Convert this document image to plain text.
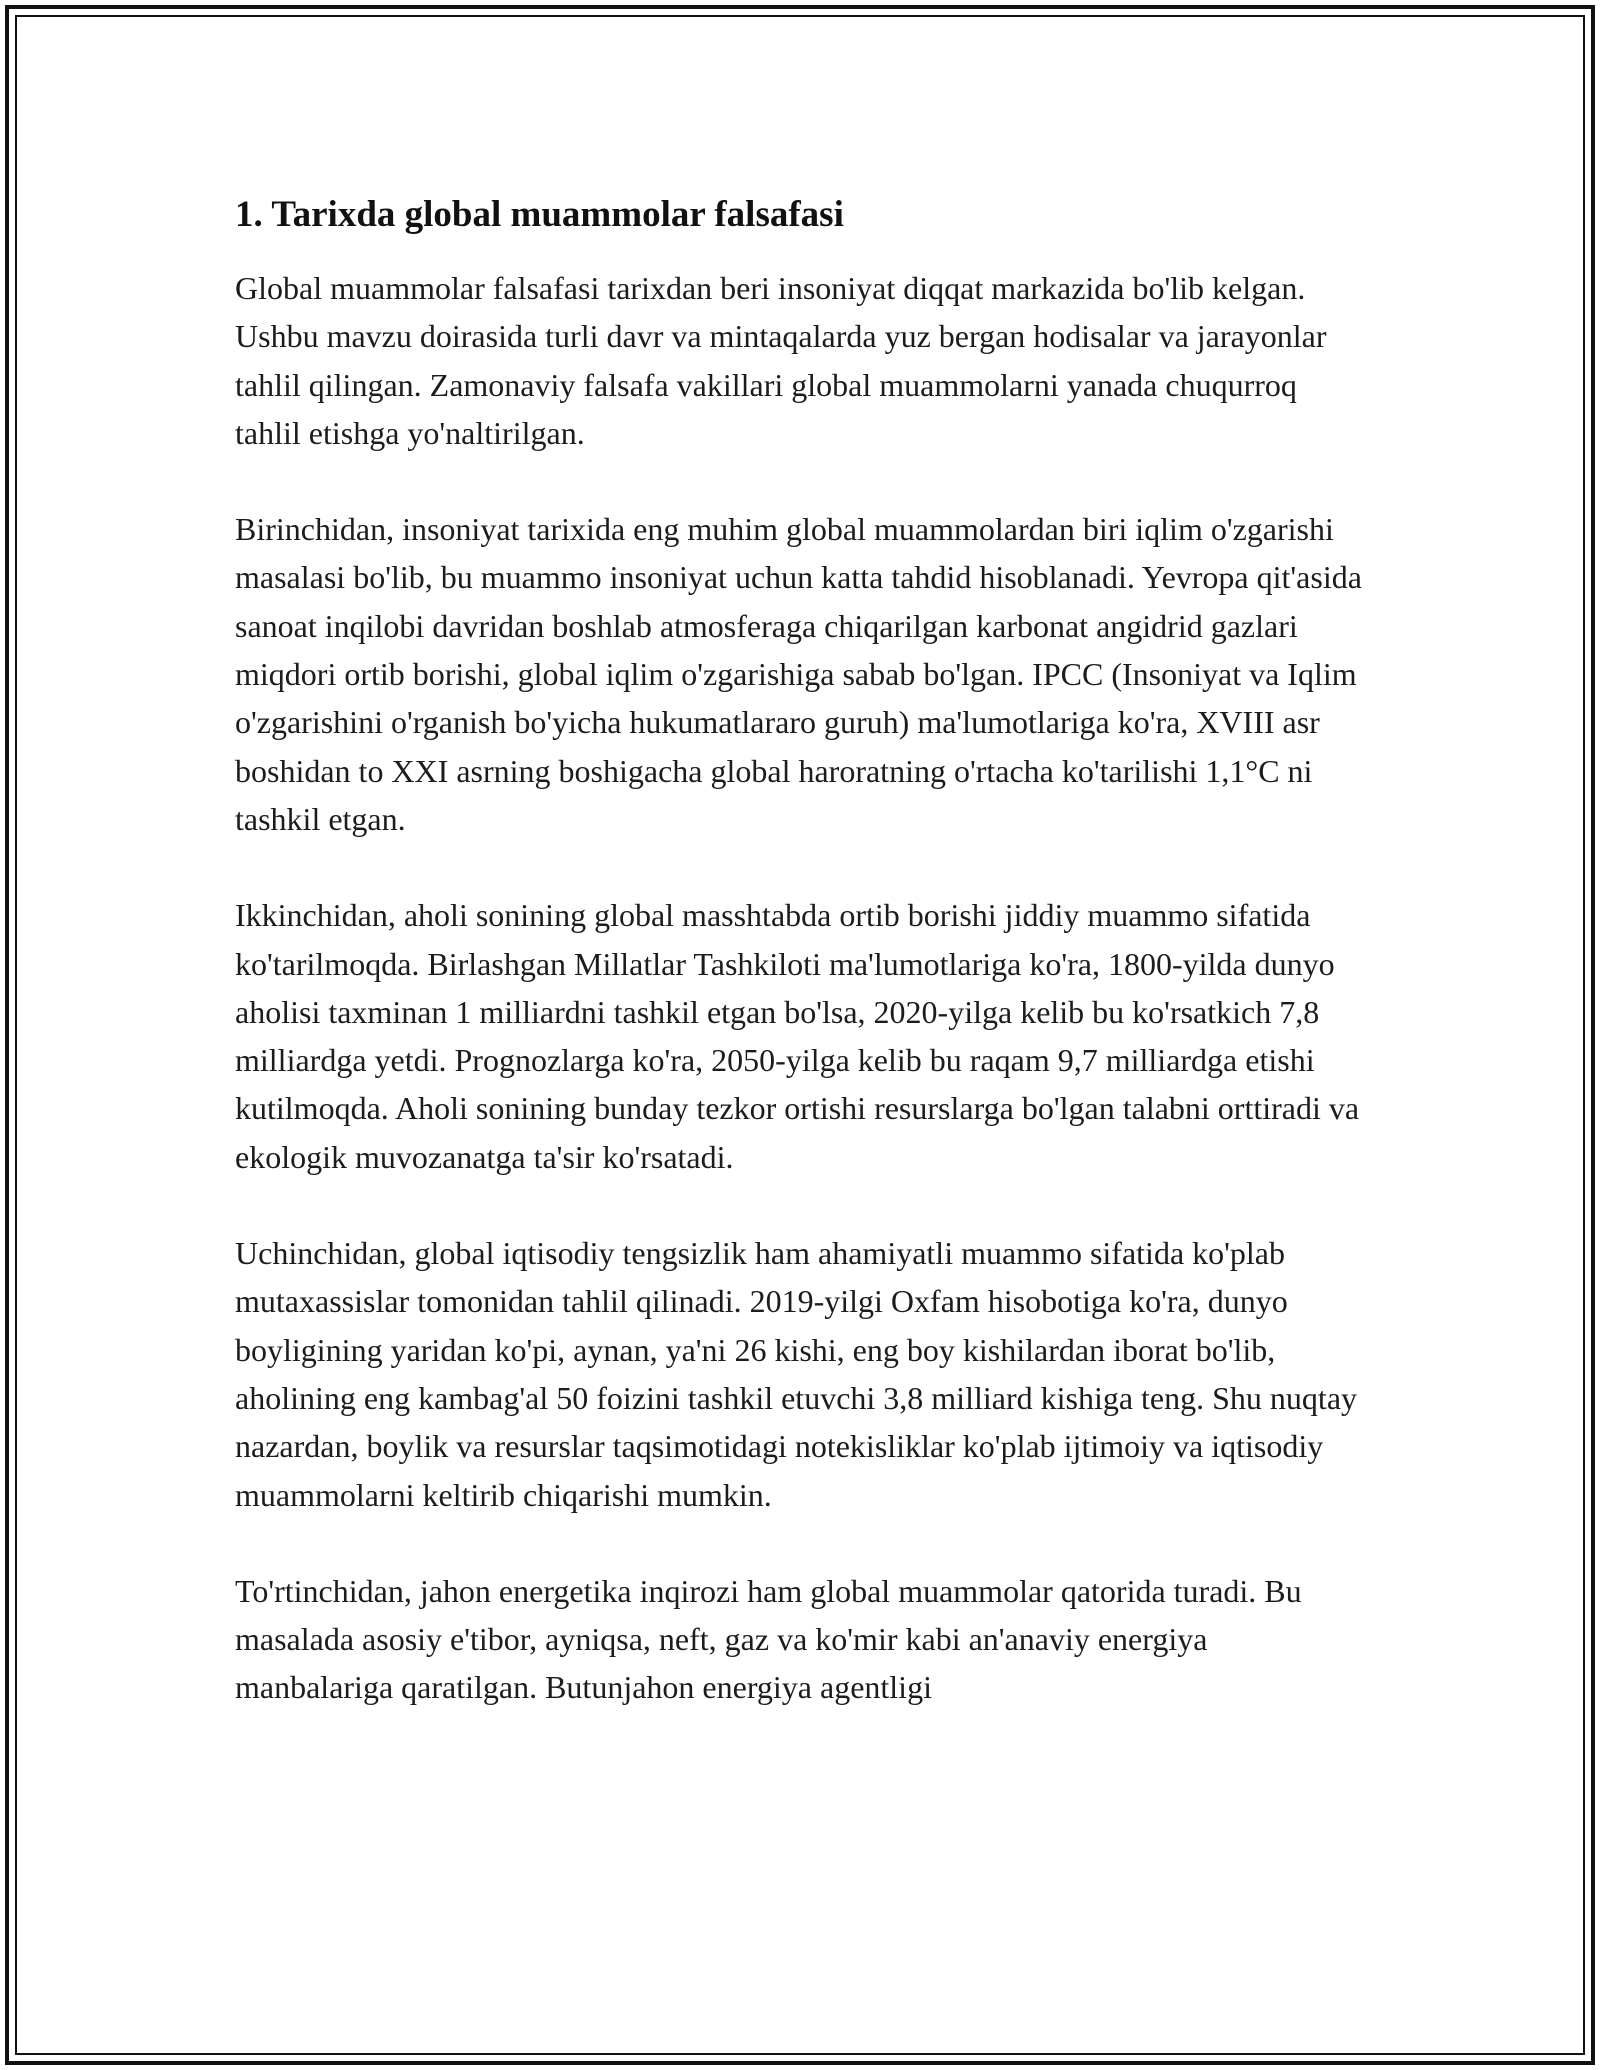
1. Tarixda global muammolar falsafasi

Global muammolar falsafasi tarixdan beri insoniyat diqqat markazida bo'lib kelgan. Ushbu mavzu doirasida turli davr va mintaqalarda yuz bergan hodisalar va jarayonlar tahlil qilingan. Zamonaviy falsafa vakillari global muammolarni yanada chuqurroq tahlil etishga yo'naltirilgan.

Birinchidan, insoniyat tarixida eng muhim global muammolardan biri iqlim o'zgarishi masalasi bo'lib, bu muammo insoniyat uchun katta tahdid hisoblanadi. Yevropa qit'asida sanoat inqilobi davridan boshlab atmosferaga chiqarilgan karbonat angidrid gazlari miqdori ortib borishi, global iqlim o'zgarishiga sabab bo'lgan. IPCC (Insoniyat va Iqlim o'zgarishini o'rganish bo'yicha hukumatlararo guruh) ma'lumotlariga ko'ra, XVIII asr boshidan to XXI asrning boshigacha global haroratning o'rtacha ko'tarilishi 1,1°C ni tashkil etgan.

Ikkinchidan, aholi sonining global masshtabda ortib borishi jiddiy muammo sifatida ko'tarilmoqda. Birlashgan Millatlar Tashkiloti ma'lumotlariga ko'ra, 1800-yilda dunyo aholisi taxminan 1 milliardni tashkil etgan bo'lsa, 2020-yilga kelib bu ko'rsatkich 7,8 milliardga yetdi. Prognozlarga ko'ra, 2050-yilga kelib bu raqam 9,7 milliardga etishi kutilmoqda. Aholi sonining bunday tezkor ortishi resurslarga bo'lgan talabni orttiradi va ekologik muvozanatga ta'sir ko'rsatadi.

Uchinchidan, global iqtisodiy tengsizlik ham ahamiyatli muammo sifatida ko'plab mutaxassislar tomonidan tahlil qilinadi. 2019-yilgi Oxfam hisobotiga ko'ra, dunyo boyligining yaridan ko'pi, aynan, ya'ni 26 kishi, eng boy kishilardan iborat bo'lib, aholining eng kambag'al 50 foizini tashkil etuvchi 3,8 milliard kishiga teng. Shu nuqtay nazardan, boylik va resurslar taqsimotidagi notekisliklar ko'plab ijtimoiy va iqtisodiy muammolarni keltirib chiqarishi mumkin.

To'rtinchidan, jahon energetika inqirozi ham global muammolar qatorida turadi. Bu masalada asosiy e'tibor, ayniqsa, neft, gaz va ko'mir kabi an'anaviy energiya manbalariga qaratilgan. Butunjahon energiya agentligi
